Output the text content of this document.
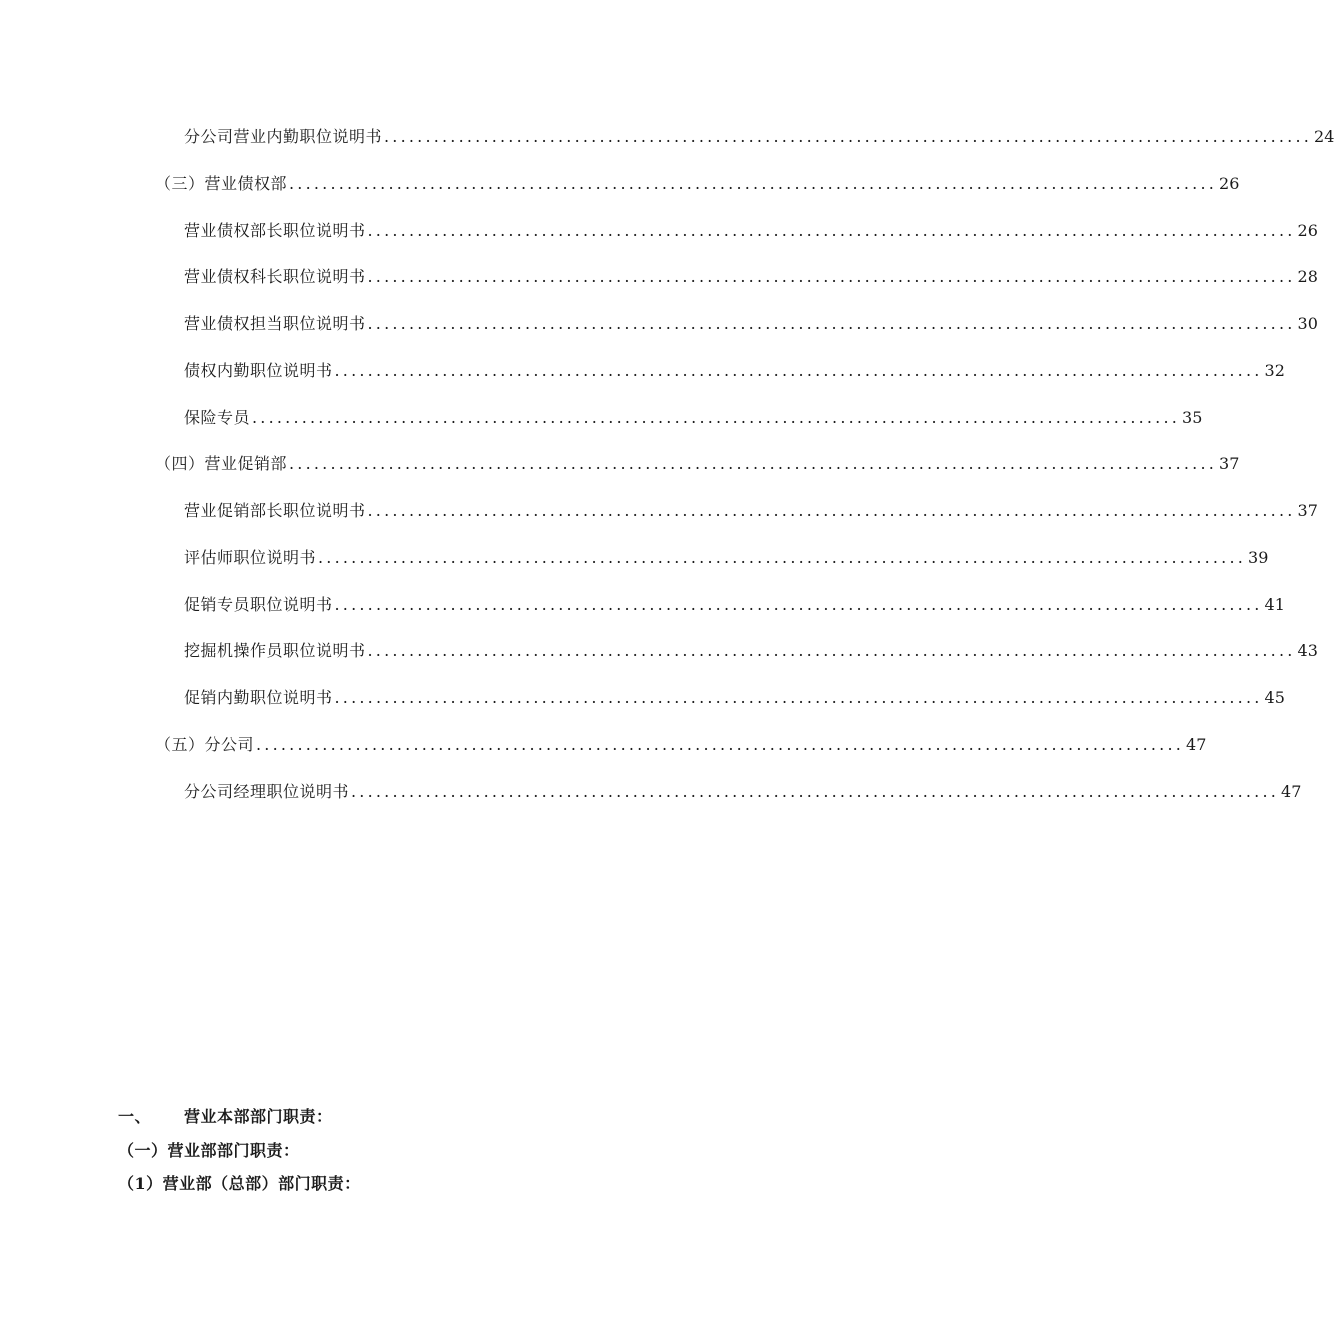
分公司营业内勤职位说明书 ................................................................................................................ 24
（三）营业债权部 ................................................................................................................ 26
营业债权部长职位说明书 ................................................................................................................ 26
营业债权科长职位说明书 ................................................................................................................ 28
营业债权担当职位说明书 ................................................................................................................ 30
债权内勤职位说明书 ................................................................................................................ 32
保险专员 ................................................................................................................ 35
（四）营业促销部 ................................................................................................................ 37
营业促销部长职位说明书 ................................................................................................................ 37
评估师职位说明书 ................................................................................................................ 39
促销专员职位说明书 ................................................................................................................ 41
挖掘机操作员职位说明书 ................................................................................................................ 43
促销内勤职位说明书 ................................................................................................................ 45
（五）分公司 ................................................................................................................ 47
分公司经理职位说明书 ................................................................................................................ 47
一、 营业本部部门职责：
（一）营业部部门职责：
（1）营业部（总部）部门职责：
